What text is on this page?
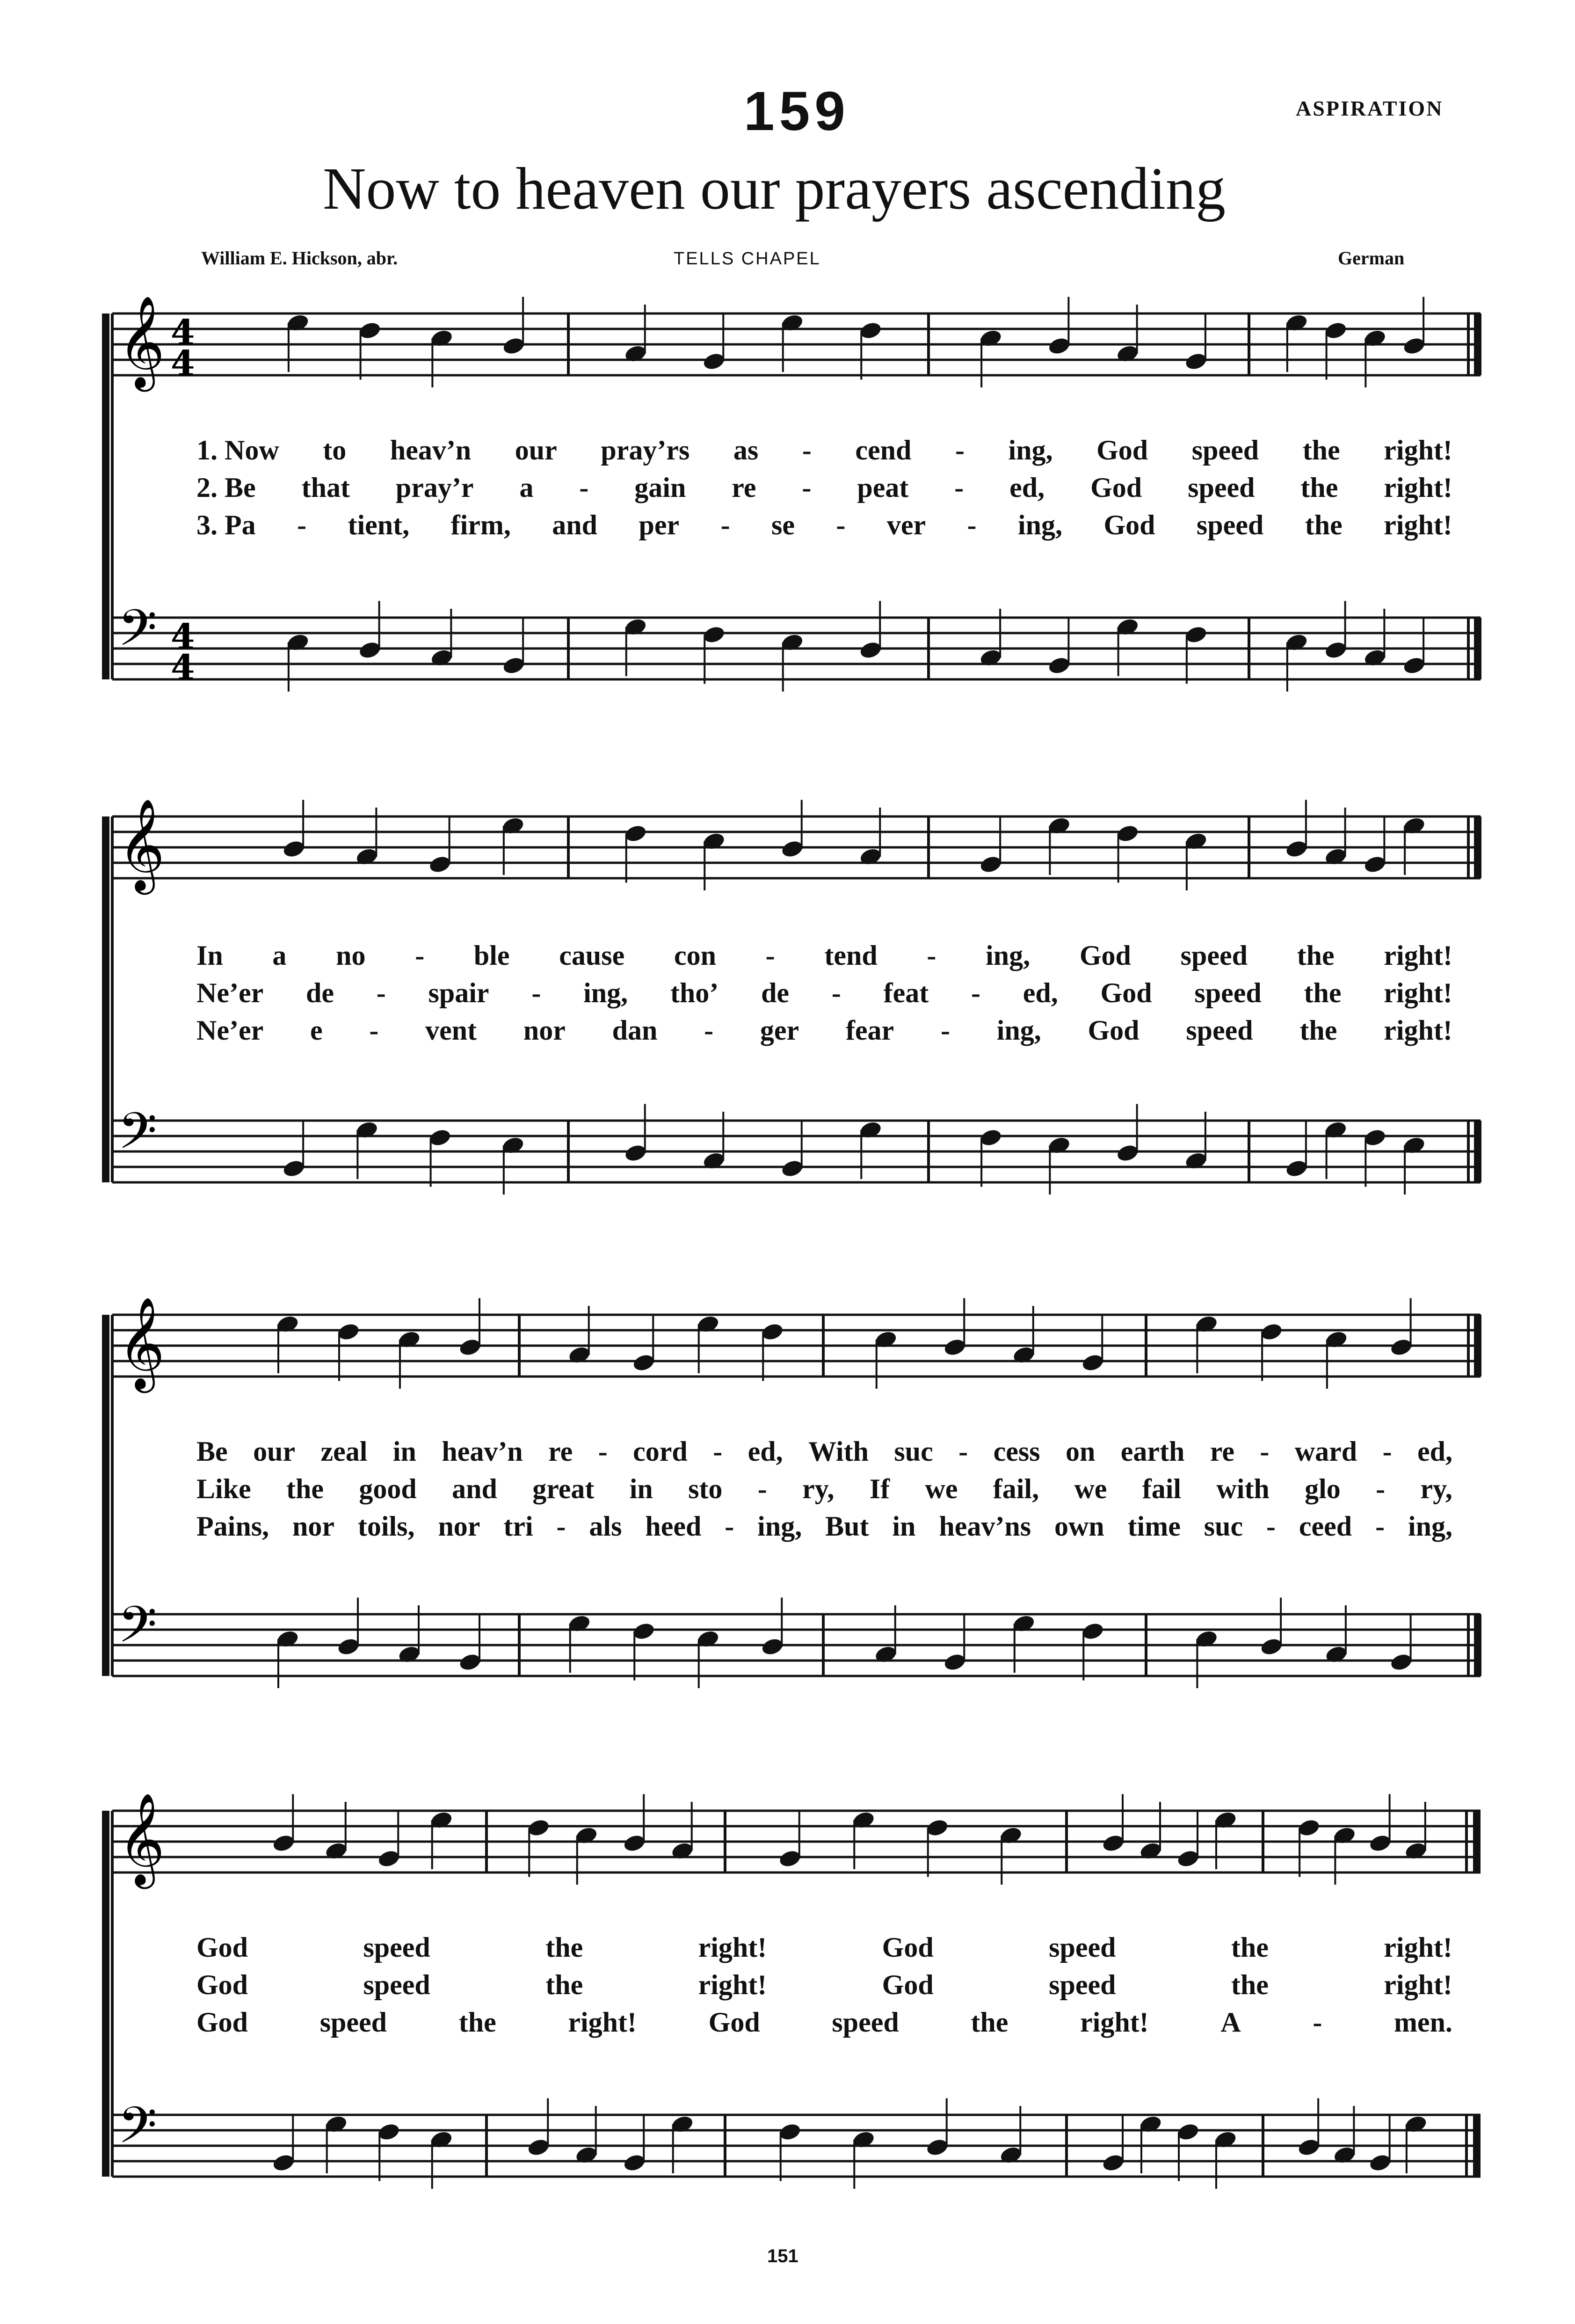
159	ASPIRATION
Now to heaven our prayers ascending
William E. Hickson, abr.	TELLS CHAPEL	German
𝄞
𝄢
4
4
4
4
𝄞
𝄢
𝄞
𝄢
𝄞
𝄢
1. Now to heav’n our pray’rs as - cend - ing, God speed the right!
2. Be that pray’r a - gain re - peat - ed, God speed the right!
3. Pa - tient, firm, and per - se - ver - ing, God speed the right!
In a no - ble cause con - tend - ing, God speed the right!
Ne’er de - spair - ing, tho’ de - feat - ed, God speed the right!
Ne’er e - vent nor dan - ger fear - ing, God speed the right!
Be our zeal in heav’n re - cord - ed, With suc - cess on earth re - ward - ed,
Like the good and great in sto - ry, If we fail, we fail with glo - ry,
Pains, nor toils, nor tri - als heed - ing, But in heav’ns own time suc - ceed - ing,
God	speed	the	right!	God	speed	the	right!
God	speed	the	right!	God	speed	the	right!
God	speed	the	right!	God	speed	the	right!	A	-	men.
151
